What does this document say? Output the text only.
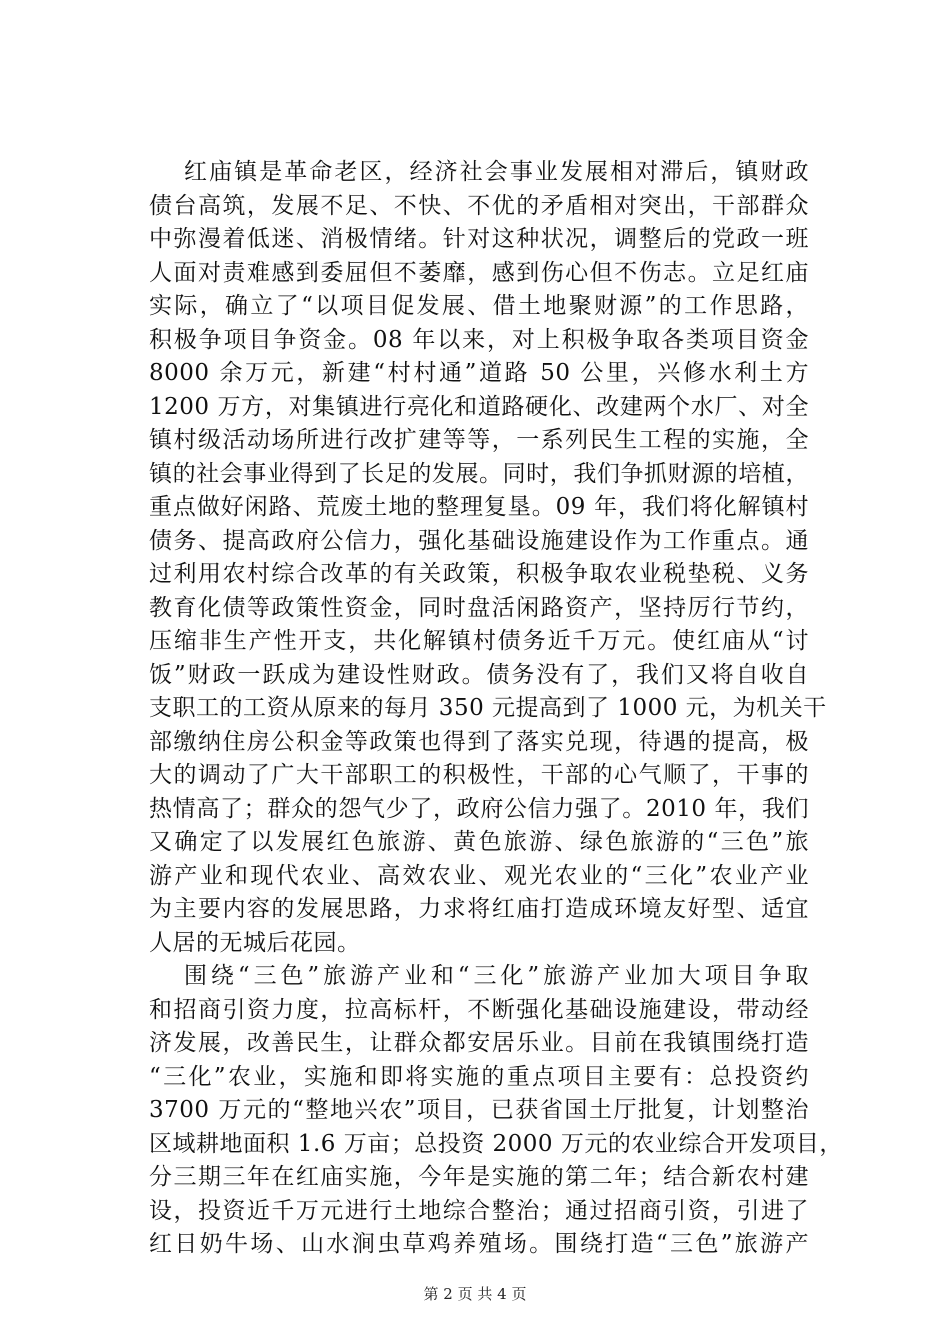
红庙镇是革命老区，经济社会事业发展相对滞后，镇财政
债台高筑，发展不足、不快、不优的矛盾相对突出，干部群众
中弥漫着低迷、消极情绪。针对这种状况，调整后的党政一班
人面对责难感到委屈但不萎靡，感到伤心但不伤志。立足红庙
实际，确立了“以项目促发展、借土地聚财源”的工作思路，
积极争项目争资金。08 年以来，对上积极争取各类项目资金
8000 余万元，新建“村村通”道路 50 公里，兴修水利土方
1200 万方，对集镇进行亮化和道路硬化、改建两个水厂、对全
镇村级活动场所进行改扩建等等，一系列民生工程的实施，全
镇的社会事业得到了长足的发展。同时，我们争抓财源的培植，
重点做好闲路、荒废土地的整理复垦。09 年，我们将化解镇村
债务、提高政府公信力，强化基础设施建设作为工作重点。通
过利用农村综合改革的有关政策，积极争取农业税垫税、义务
教育化债等政策性资金，同时盘活闲路资产，坚持厉行节约，
压缩非生产性开支，共化解镇村债务近千万元。使红庙从“讨
饭”财政一跃成为建设性财政。债务没有了，我们又将自收自
支职工的工资从原来的每月 350 元提高到了 1000 元，为机关干
部缴纳住房公积金等政策也得到了落实兑现，待遇的提高，极
大的调动了广大干部职工的积极性，干部的心气顺了，干事的
热情高了；群众的怨气少了，政府公信力强了。2010 年，我们
又确定了以发展红色旅游、黄色旅游、绿色旅游的“三色”旅
游产业和现代农业、高效农业、观光农业的“三化”农业产业
为主要内容的发展思路，力求将红庙打造成环境友好型、适宜
人居的无城后花园。
围绕“三色”旅游产业和“三化”旅游产业加大项目争取
和招商引资力度，拉高标杆，不断强化基础设施建设，带动经
济发展，改善民生，让群众都安居乐业。目前在我镇围绕打造
“三化”农业，实施和即将实施的重点项目主要有：总投资约
3700 万元的“整地兴农”项目，已获省国土厅批复，计划整治
区域耕地面积 1.6 万亩；总投资 2000 万元的农业综合开发项目，
分三期三年在红庙实施，今年是实施的第二年；结合新农村建
设，投资近千万元进行土地综合整治；通过招商引资，引进了
红日奶牛场、山水涧虫草鸡养殖场。围绕打造“三色”旅游产
第 2 页 共 4 页
